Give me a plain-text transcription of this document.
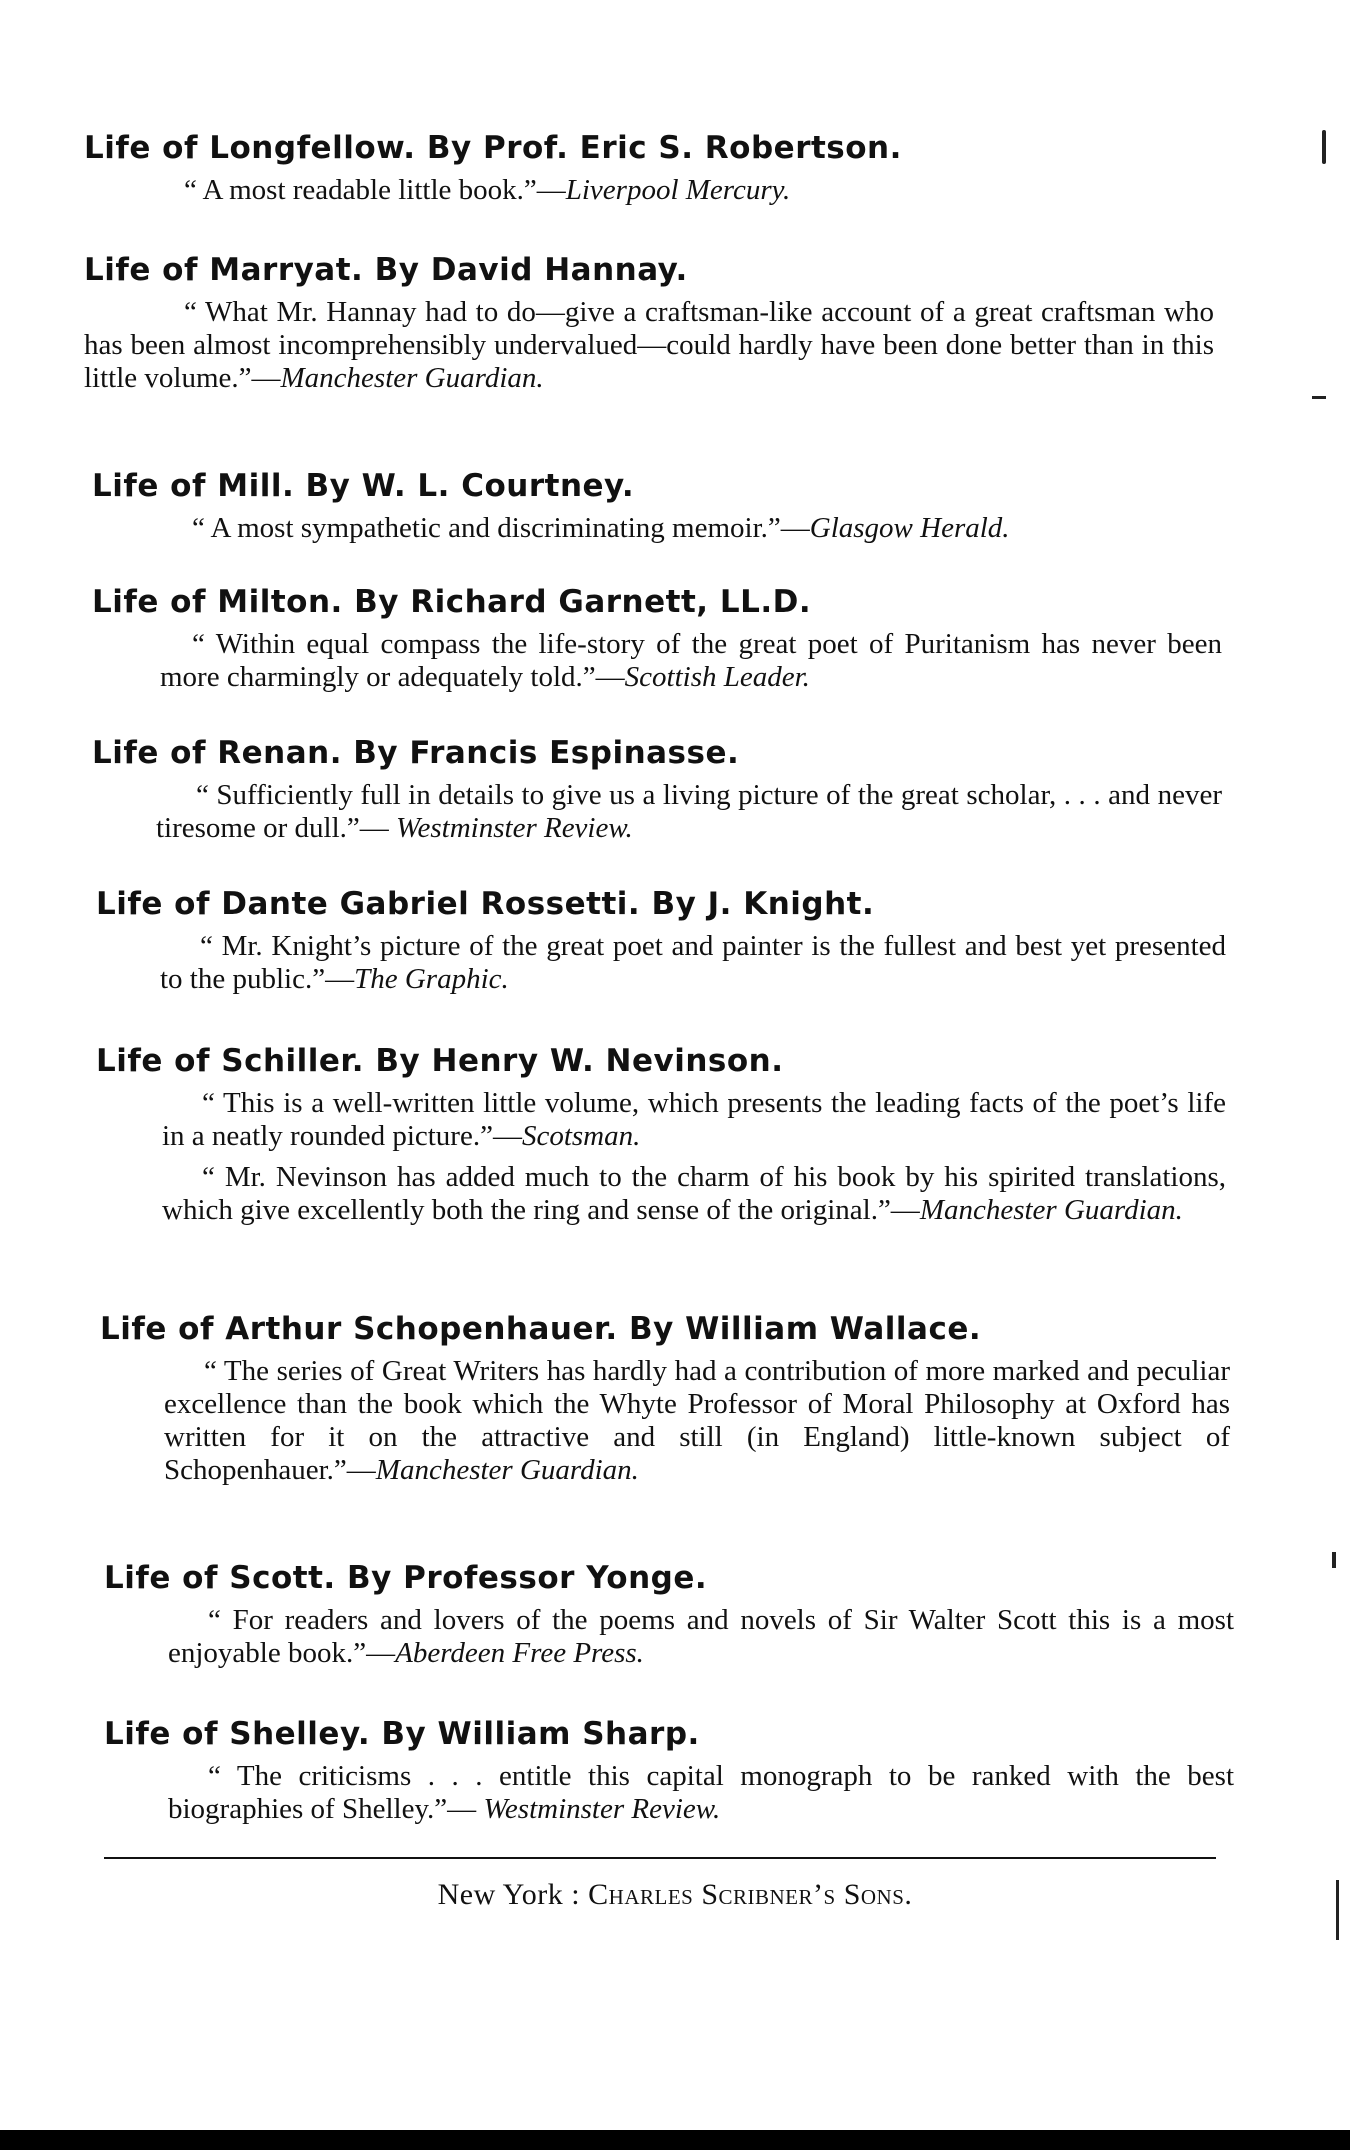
Life of Longfellow. By Prof. Eric S. Robertson.

“ A most readable little book.”—Liverpool Mercury.

Life of Marryat. By David Hannay.

“ What Mr. Hannay had to do—give a craftsman-like account of a great craftsman who has been almost incomprehensibly undervalued—could hardly have been done better than in this little volume.”—Manchester Guardian.

Life of Mill. By W. L. Courtney.

“ A most sympathetic and discriminating memoir.”—Glasgow Herald.

Life of Milton. By Richard Garnett, LL.D.

“ Within equal compass the life-story of the great poet of Puritanism has never been more charmingly or adequately told.”—Scottish Leader.

Life of Renan. By Francis Espinasse.

“ Sufficiently full in details to give us a living picture of the great scholar, . . . and never tiresome or dull.”— Westminster Review.

Life of Dante Gabriel Rossetti. By J. Knight.

“ Mr. Knight’s picture of the great poet and painter is the fullest and best yet presented to the public.”—The Graphic.

Life of Schiller. By Henry W. Nevinson.

“ This is a well-written little volume, which presents the leading facts of the poet’s life in a neatly rounded picture.”—Scotsman.

“ Mr. Nevinson has added much to the charm of his book by his spirited translations, which give excellently both the ring and sense of the original.”—Manchester Guardian.

Life of Arthur Schopenhauer. By William Wallace.

“ The series of Great Writers has hardly had a contribution of more marked and peculiar excellence than the book which the Whyte Professor of Moral Philosophy at Oxford has written for it on the attractive and still (in England) little-known subject of Schopenhauer.”—Manchester Guardian.

Life of Scott. By Professor Yonge.

“ For readers and lovers of the poems and novels of Sir Walter Scott this is a most enjoyable book.”—Aberdeen Free Press.

Life of Shelley. By William Sharp.

“ The criticisms . . . entitle this capital monograph to be ranked with the best biographies of Shelley.”— Westminster Review.

New York : Charles Scribner’s Sons.
